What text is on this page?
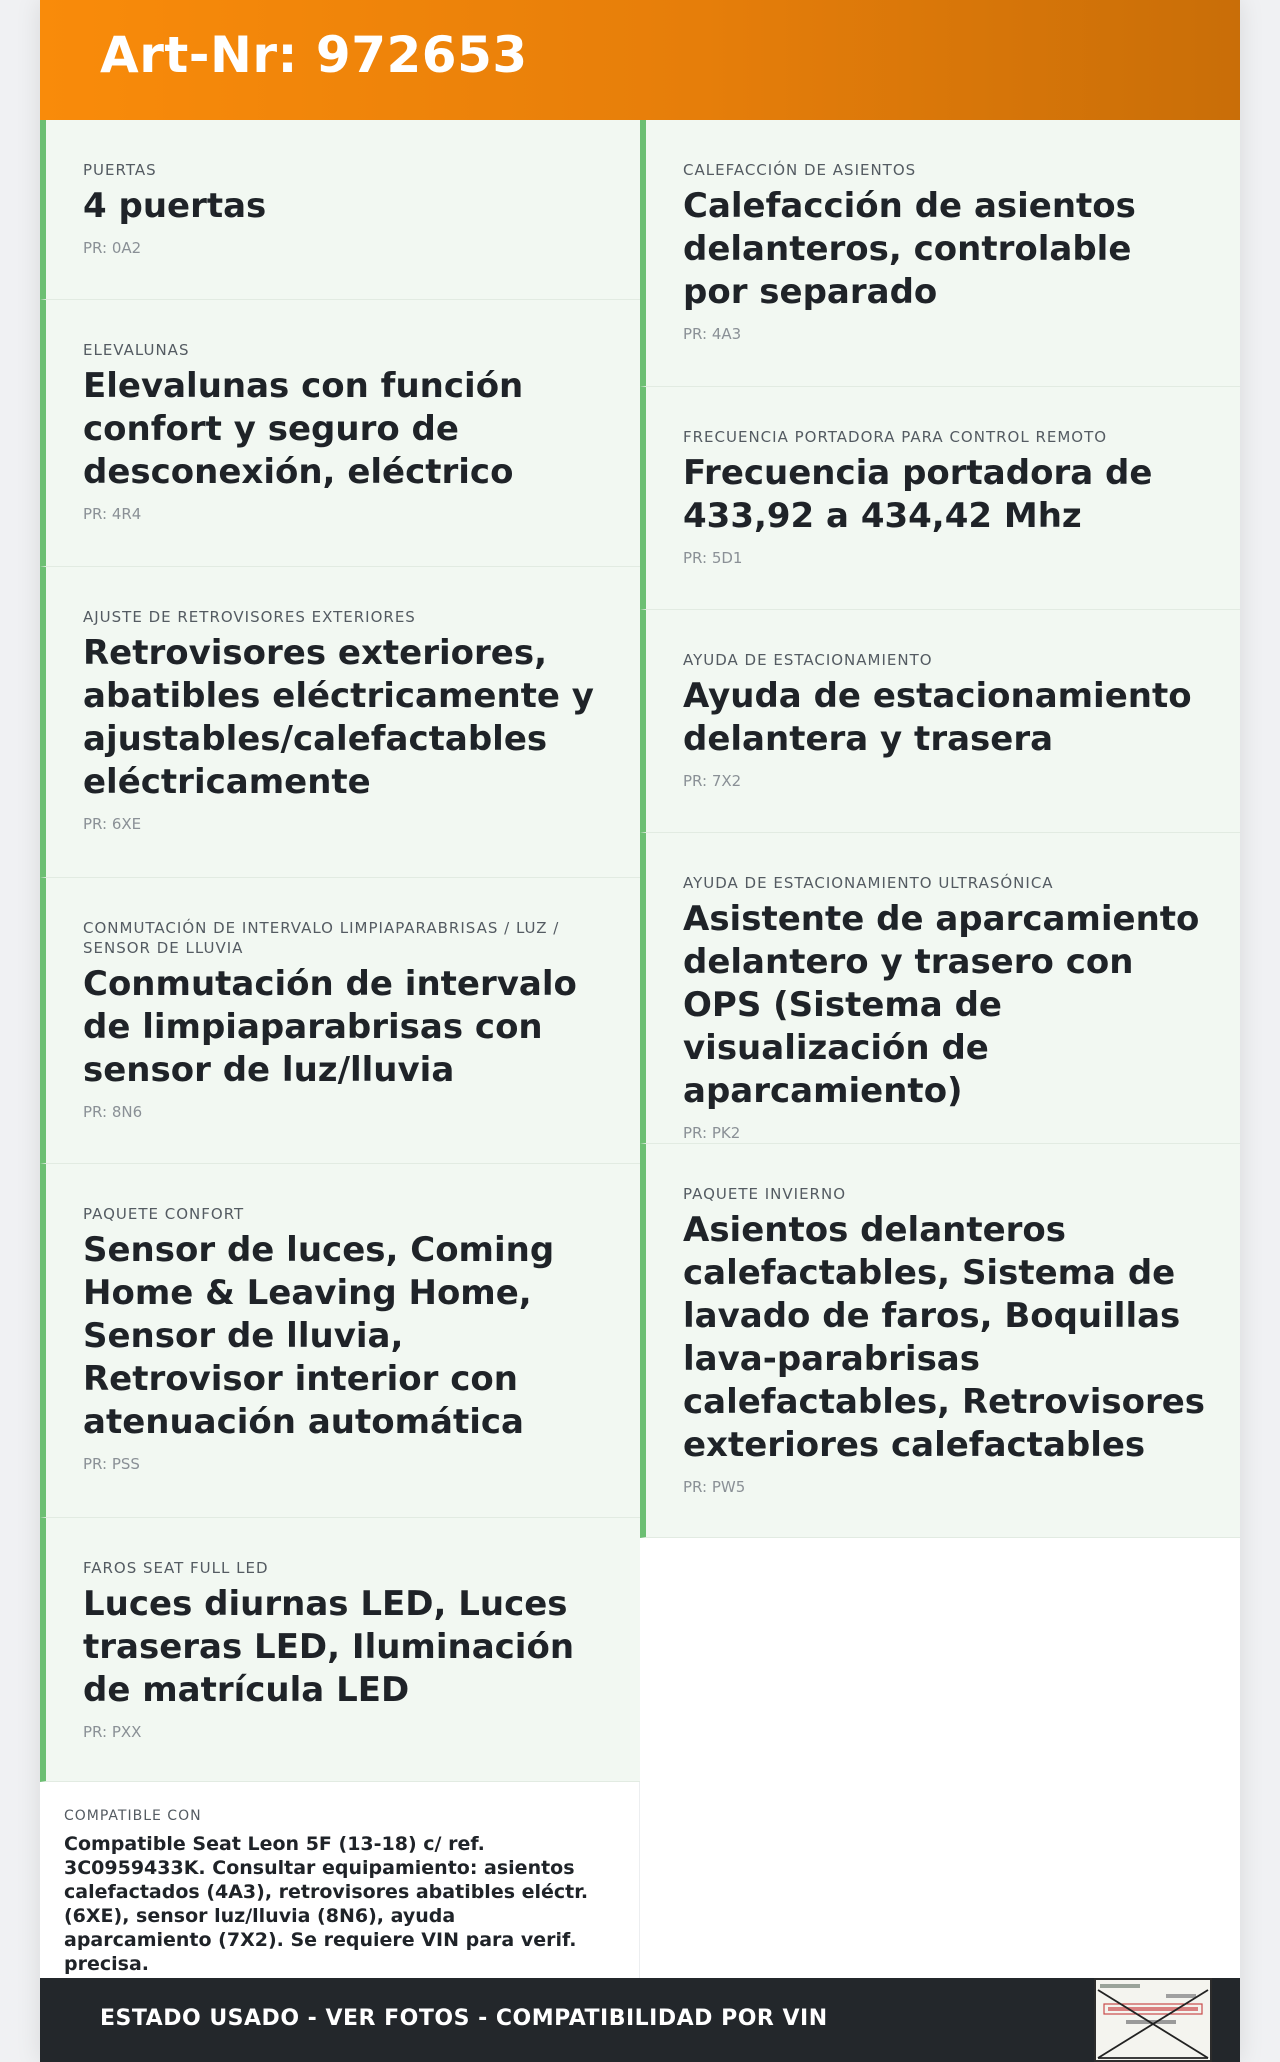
Art-Nr: 972653
PUERTAS
4 puertas
PR: 0A2
ELEVALUNAS
Elevalunas con función confort y seguro de desconexión, eléctrico
PR: 4R4
AJUSTE DE RETROVISORES EXTERIORES
Retrovisores exteriores, abatibles eléctricamente y ajustables/calefactables eléctricamente
PR: 6XE
CONMUTACIÓN DE INTERVALO LIMPIAPARABRISAS / LUZ / SENSOR DE LLUVIA
Conmutación de intervalo de limpiaparabrisas con sensor de luz/lluvia
PR: 8N6
PAQUETE CONFORT
Sensor de luces, Coming Home & Leaving Home, Sensor de lluvia, Retrovisor interior con atenuación automática
PR: PSS
FAROS SEAT FULL LED
Luces diurnas LED, Luces traseras LED, Iluminación de matrícula LED
PR: PXX
CALEFACCIÓN DE ASIENTOS
Calefacción de asientos delanteros, controlable por separado
PR: 4A3
FRECUENCIA PORTADORA PARA CONTROL REMOTO
Frecuencia portadora de 433,92 a 434,42 Mhz
PR: 5D1
AYUDA DE ESTACIONAMIENTO
Ayuda de estacionamiento delantera y trasera
PR: 7X2
AYUDA DE ESTACIONAMIENTO ULTRASÓNICA
Asistente de aparcamiento delantero y trasero con OPS (Sistema de visualización de aparcamiento)
PR: PK2
PAQUETE INVIERNO
Asientos delanteros calefactables, Sistema de lavado de faros, Boquillas lava-parabrisas calefactables, Retrovisores exteriores calefactables
PR: PW5
COMPATIBLE CON
Compatible Seat Leon 5F (13-18) c/ ref. 3C0959433K. Consultar equipamiento: asientos calefactados (4A3), retrovisores abatibles eléctr. (6XE), sensor luz/lluvia (8N6), ayuda aparcamiento (7X2). Se requiere VIN para verif. precisa.
ESTADO USADO - VER FOTOS - COMPATIBILIDAD POR VIN
